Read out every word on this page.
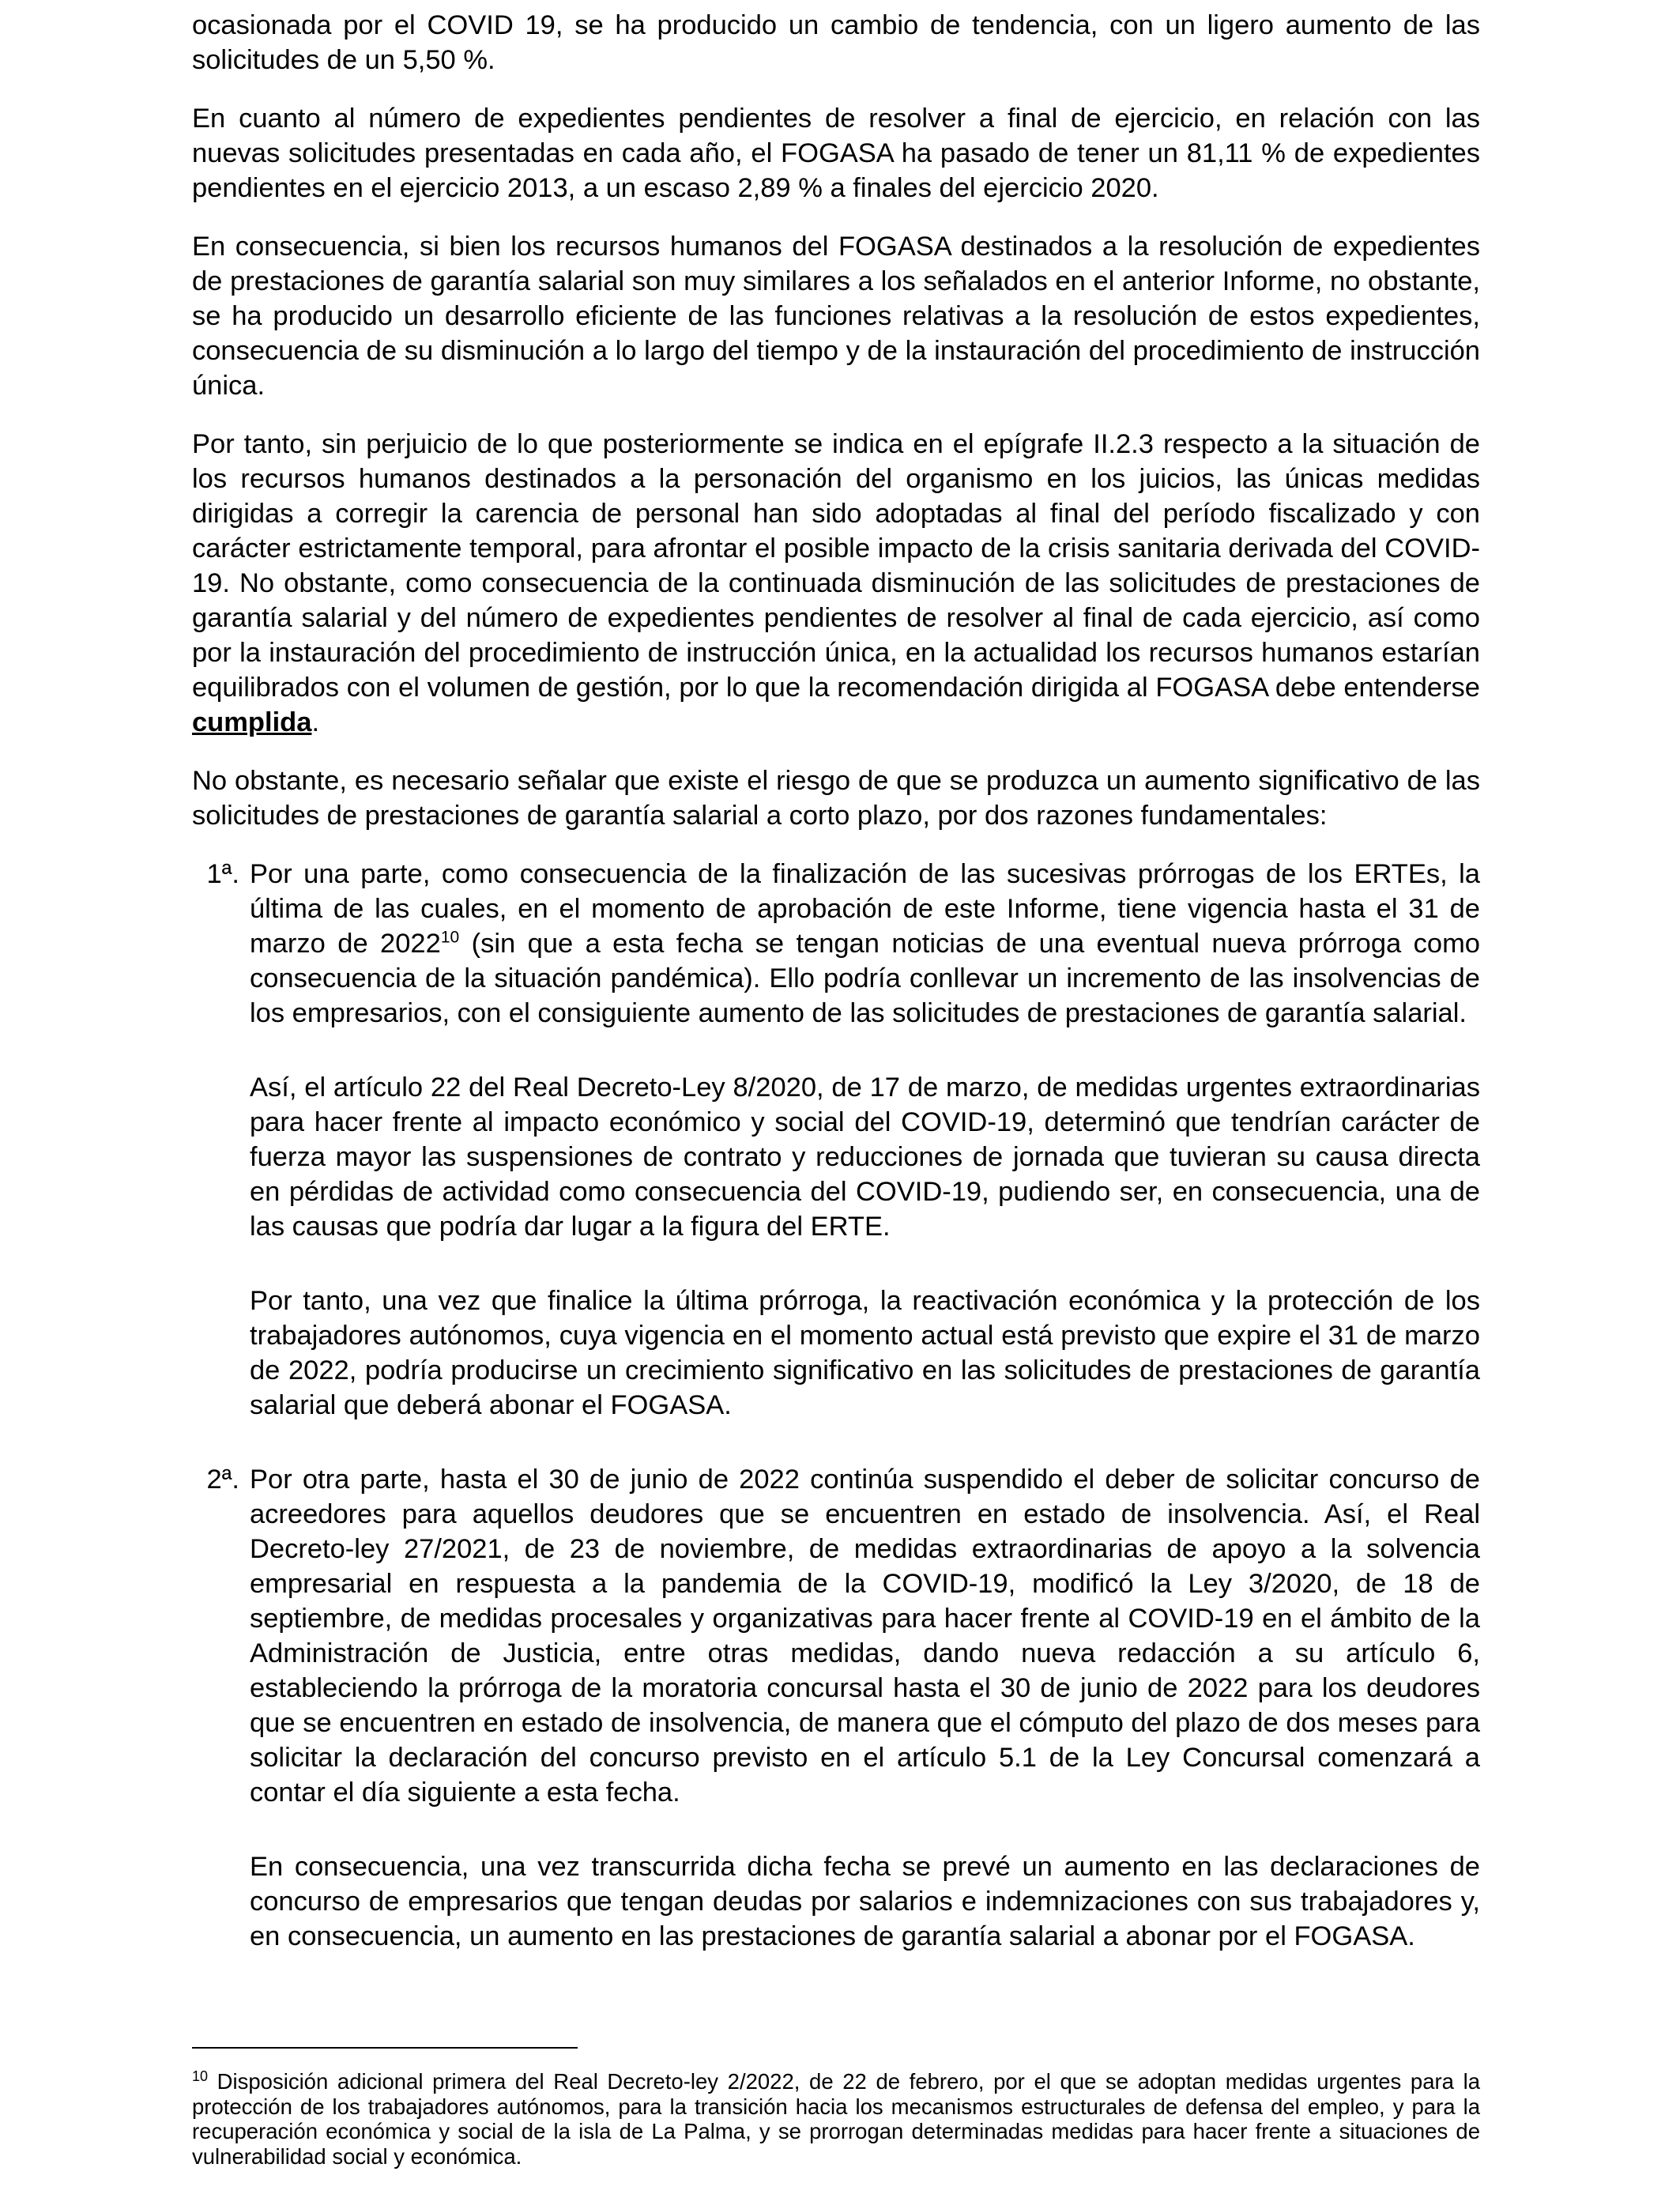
ocasionada por el COVID 19, se ha producido un cambio de tendencia, con un ligero aumento de las solicitudes de un 5,50 %.

En cuanto al número de expedientes pendientes de resolver a final de ejercicio, en relación con las nuevas solicitudes presentadas en cada año, el FOGASA ha pasado de tener un 81,11 % de expedientes pendientes en el ejercicio 2013, a un escaso 2,89 % a finales del ejercicio 2020.

En consecuencia, si bien los recursos humanos del FOGASA destinados a la resolución de expedientes de prestaciones de garantía salarial son muy similares a los señalados en el anterior Informe, no obstante, se ha producido un desarrollo eficiente de las funciones relativas a la resolución de estos expedientes, consecuencia de su disminución a lo largo del tiempo y de la instauración del procedimiento de instrucción única.

Por tanto, sin perjuicio de lo que posteriormente se indica en el epígrafe II.2.3 respecto a la situación de los recursos humanos destinados a la personación del organismo en los juicios, las únicas medidas dirigidas a corregir la carencia de personal han sido adoptadas al final del período fiscalizado y con carácter estrictamente temporal, para afrontar el posible impacto de la crisis sanitaria derivada del COVID-19. No obstante, como consecuencia de la continuada disminución de las solicitudes de prestaciones de garantía salarial y del número de expedientes pendientes de resolver al final de cada ejercicio, así como por la instauración del procedimiento de instrucción única, en la actualidad los recursos humanos estarían equilibrados con el volumen de gestión, por lo que la recomendación dirigida al FOGASA debe entenderse cumplida.

No obstante, es necesario señalar que existe el riesgo de que se produzca un aumento significativo de las solicitudes de prestaciones de garantía salarial a corto plazo, por dos razones fundamentales:

1ª. Por una parte, como consecuencia de la finalización de las sucesivas prórrogas de los ERTEs, la última de las cuales, en el momento de aprobación de este Informe, tiene vigencia hasta el 31 de marzo de 2022$^{10}$ (sin que a esta fecha se tengan noticias de una eventual nueva prórroga como consecuencia de la situación pandémica). Ello podría conllevar un incremento de las insolvencias de los empresarios, con el consiguiente aumento de las solicitudes de prestaciones de garantía salarial.

Así, el artículo 22 del Real Decreto-Ley 8/2020, de 17 de marzo, de medidas urgentes extraordinarias para hacer frente al impacto económico y social del COVID-19, determinó que tendrían carácter de fuerza mayor las suspensiones de contrato y reducciones de jornada que tuvieran su causa directa en pérdidas de actividad como consecuencia del COVID-19, pudiendo ser, en consecuencia, una de las causas que podría dar lugar a la figura del ERTE.

Por tanto, una vez que finalice la última prórroga, la reactivación económica y la protección de los trabajadores autónomos, cuya vigencia en el momento actual está previsto que expire el 31 de marzo de 2022, podría producirse un crecimiento significativo en las solicitudes de prestaciones de garantía salarial que deberá abonar el FOGASA.

2ª. Por otra parte, hasta el 30 de junio de 2022 continúa suspendido el deber de solicitar concurso de acreedores para aquellos deudores que se encuentren en estado de insolvencia. Así, el Real Decreto-ley 27/2021, de 23 de noviembre, de medidas extraordinarias de apoyo a la solvencia empresarial en respuesta a la pandemia de la COVID-19, modificó la Ley 3/2020, de 18 de septiembre, de medidas procesales y organizativas para hacer frente al COVID-19 en el ámbito de la Administración de Justicia, entre otras medidas, dando nueva redacción a su artículo 6, estableciendo la prórroga de la moratoria concursal hasta el 30 de junio de 2022 para los deudores que se encuentren en estado de insolvencia, de manera que el cómputo del plazo de dos meses para solicitar la declaración del concurso previsto en el artículo 5.1 de la Ley Concursal comenzará a contar el día siguiente a esta fecha.

En consecuencia, una vez transcurrida dicha fecha se prevé un aumento en las declaraciones de concurso de empresarios que tengan deudas por salarios e indemnizaciones con sus trabajadores y, en consecuencia, un aumento en las prestaciones de garantía salarial a abonar por el FOGASA.

$^{10}$ Disposición adicional primera del Real Decreto-ley 2/2022, de 22 de febrero, por el que se adoptan medidas urgentes para la protección de los trabajadores autónomos, para la transición hacia los mecanismos estructurales de defensa del empleo, y para la recuperación económica y social de la isla de La Palma, y se prorrogan determinadas medidas para hacer frente a situaciones de vulnerabilidad social y económica.
